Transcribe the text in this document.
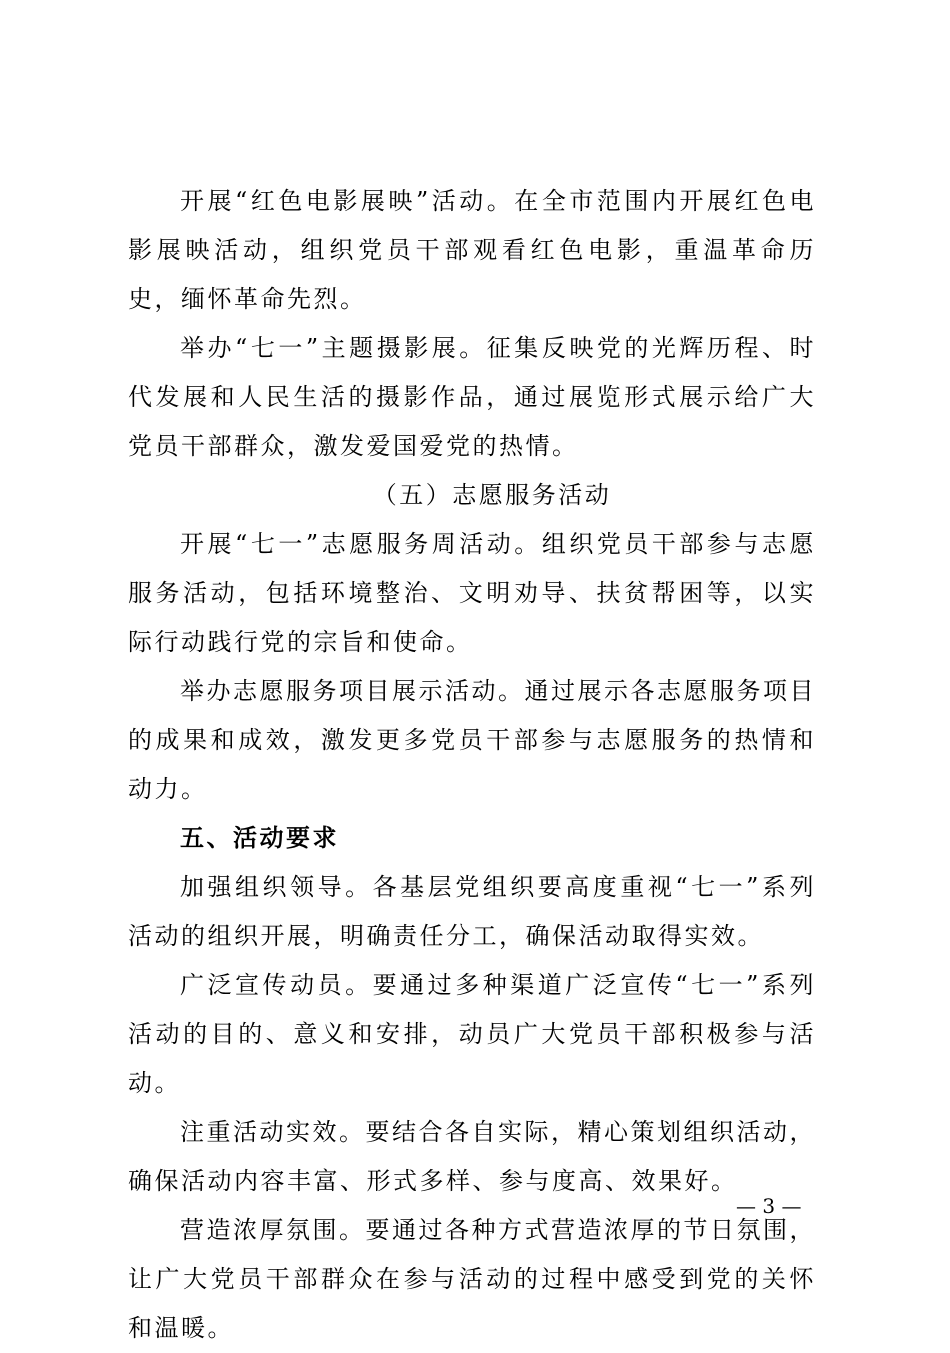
开展“红色电影展映”活动。在全市范围内开展红色电影展映活动，组织党员干部观看红色电影，重温革命历史，缅怀革命先烈。

举办“七一”主题摄影展。征集反映党的光辉历程、时代发展和人民生活的摄影作品，通过展览形式展示给广大党员干部群众，激发爱国爱党的热情。

（五）志愿服务活动

开展“七一”志愿服务周活动。组织党员干部参与志愿服务活动，包括环境整治、文明劝导、扶贫帮困等，以实际行动践行党的宗旨和使命。

举办志愿服务项目展示活动。通过展示各志愿服务项目的成果和成效，激发更多党员干部参与志愿服务的热情和动力。

五、活动要求

加强组织领导。各基层党组织要高度重视“七一”系列活动的组织开展，明确责任分工，确保活动取得实效。

广泛宣传动员。要通过多种渠道广泛宣传“七一”系列活动的目的、意义和安排，动员广大党员干部积极参与活动。

注重活动实效。要结合各自实际，精心策划组织活动，确保活动内容丰富、形式多样、参与度高、效果好。

营造浓厚氛围。要通过各种方式营造浓厚的节日氛围，让广大党员干部群众在参与活动的过程中感受到党的关怀和温暖。

— 3 —
